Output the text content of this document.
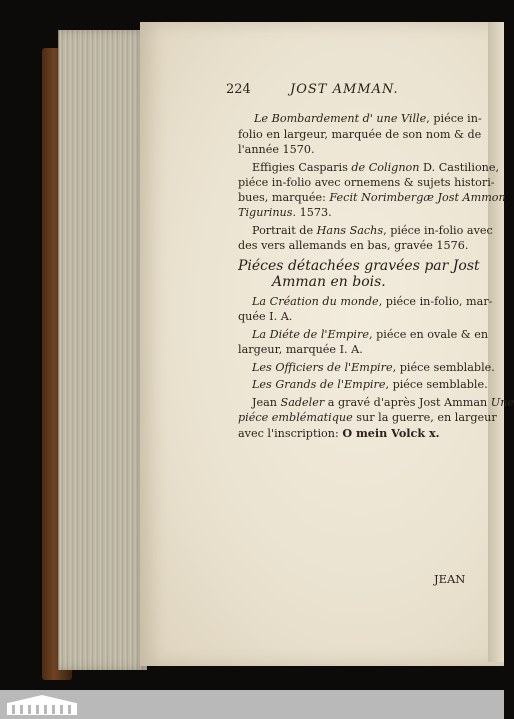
224	JOST AMMAN.
Le Bombardement d' une Ville, piéce in-
folio en largeur, marquée de son nom & de
l'année 1570.
Effigies Casparis de Colignon D. Castilione,
piéce in-folio avec ornemens & sujets histori-
bues, marquée: Fecit Norimbergæ Jost Ammon
Tigurinus. 1573.
Portrait de Hans Sachs, piéce in-folio avec
des vers allemands en bas, gravée 1576.
Piéces détachées gravées par Jost
Amman en bois.
La Création du monde, piéce in-folio, mar-
quée I. A.
La Diéte de l'Empire, piéce en ovale & en
largeur, marquée I. A.
Les Officiers de l'Empire, piéce semblable.
Les Grands de l'Empire, piéce semblable.
Jean Sadeler a gravé d'après Jost Amman Une
piéce emblématique sur la guerre, en largeur
avec l'inscription: O mein Volck x.
JEAN
